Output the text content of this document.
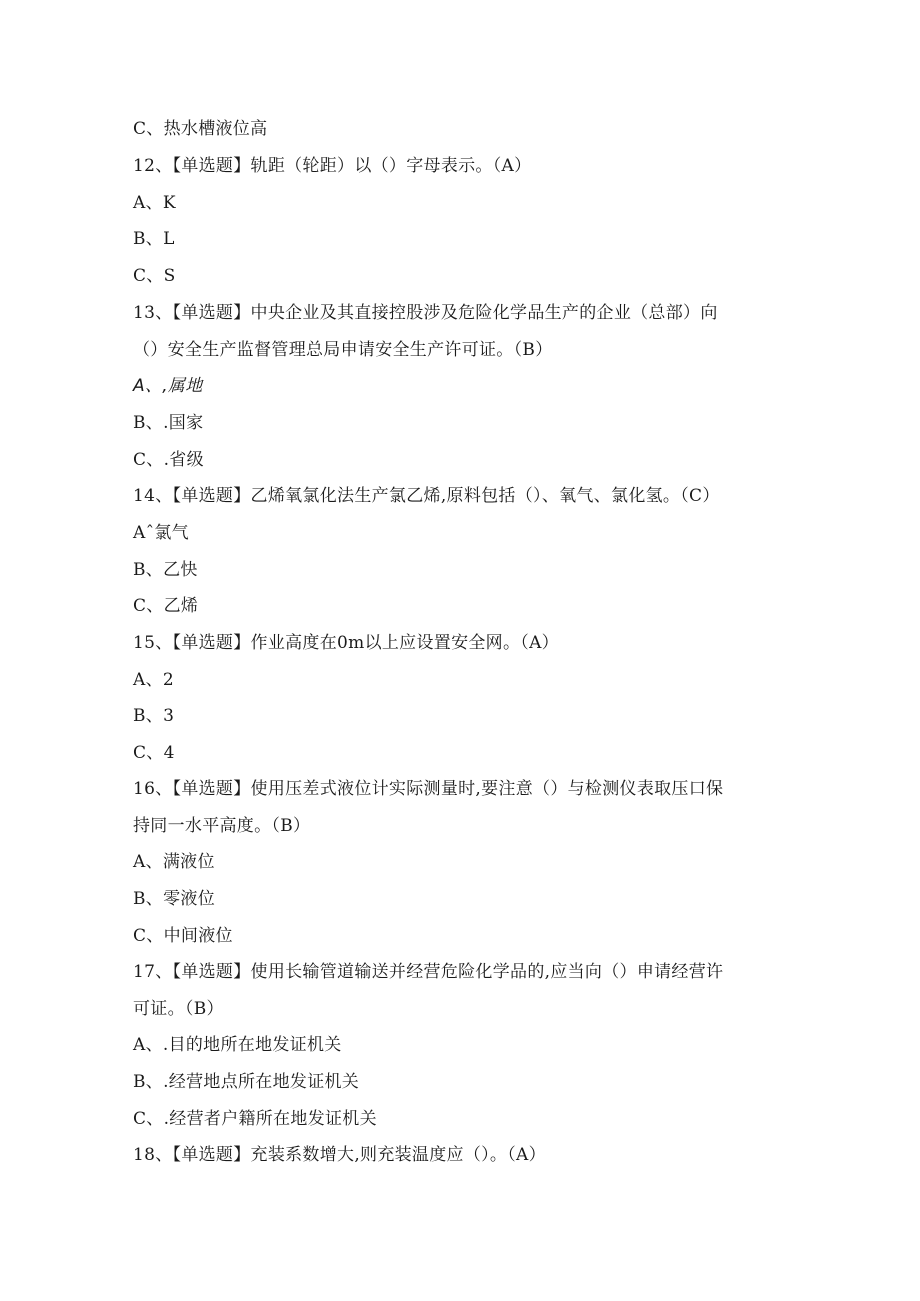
C、热水槽液位高
12、【单选题】轨距（轮距）以（）字母表示。（A）
A、K
B、L
C、S
13、【单选题】中央企业及其直接控股涉及危险化学品生产的企业（总部）向
（）安全生产监督管理总局申请安全生产许可证。（B）
A、,属地
B、.国家
C、.省级
14、【单选题】乙烯氧氯化法生产氯乙烯,原料包括（）、氧气、氯化氢。（C）
Aˆ氯气
B、乙快
C、乙烯
15、【单选题】作业高度在0m以上应设置安全网。（A）
A、2
B、3
C、4
16、【单选题】使用压差式液位计实际测量时,要注意（）与检测仪表取压口保
持同一水平高度。（B）
A、满液位
B、零液位
C、中间液位
17、【单选题】使用长输管道输送并经营危险化学品的,应当向（）申请经营许
可证。（B）
A、.目的地所在地发证机关
B、.经营地点所在地发证机关
C、.经营者户籍所在地发证机关
18、【单选题】充装系数增大,则充装温度应（）。（A）
